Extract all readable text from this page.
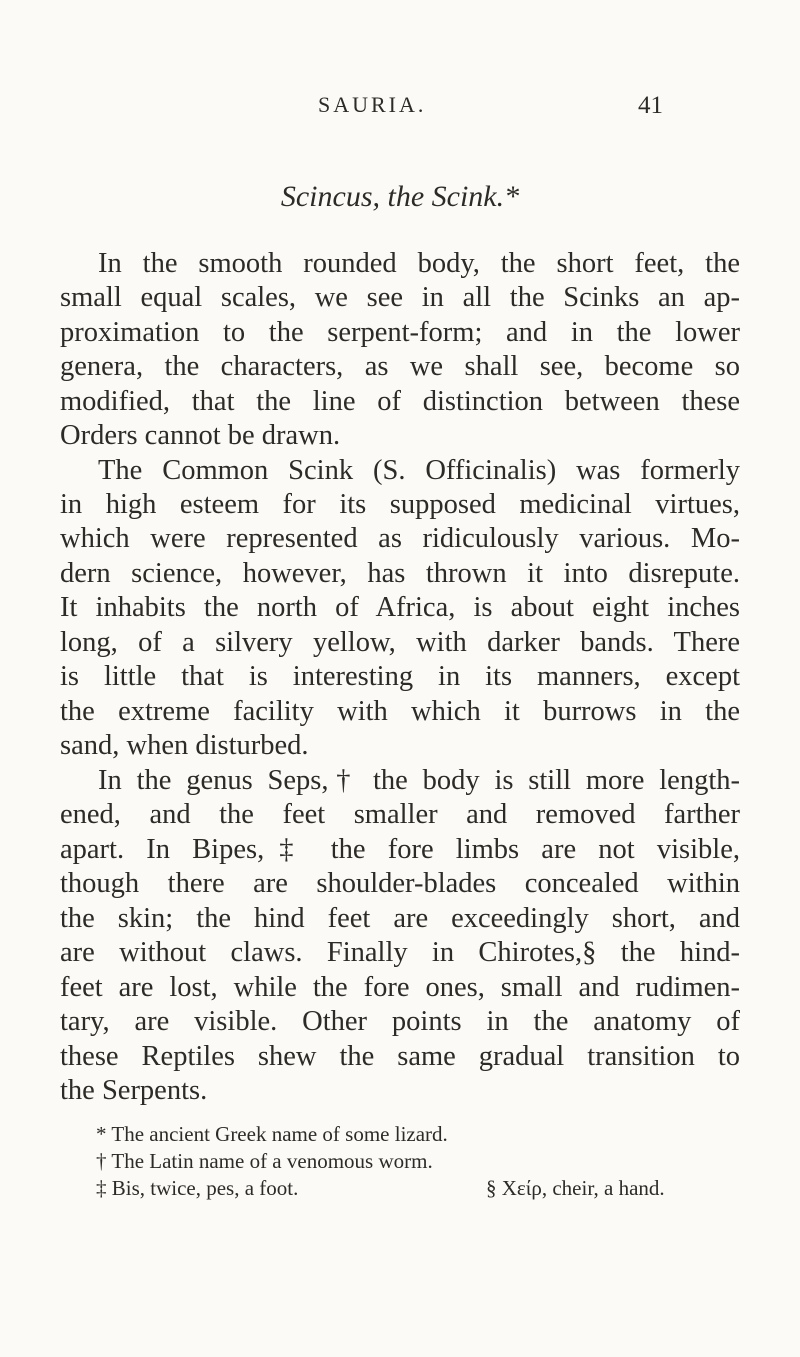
SAURIA.	41
Scincus, the Scink.*
In the smooth rounded body, the short feet, the
small equal scales, we see in all the Scinks an ap-
proximation to the serpent-form; and in the lower
genera, the characters, as we shall see, become so
modified, that the line of distinction between these
Orders cannot be drawn.
The Common Scink (S. Officinalis) was formerly
in high esteem for its supposed medicinal virtues,
which were represented as ridiculously various. Mo-
dern science, however, has thrown it into disrepute.
It inhabits the north of Africa, is about eight inches
long, of a silvery yellow, with darker bands. There
is little that is interesting in its manners, except
the extreme facility with which it burrows in the
sand, when disturbed.
In the genus Seps,† the body is still more length-
ened, and the feet smaller and removed farther
apart. In Bipes,‡ the fore limbs are not visible,
though there are shoulder-blades concealed within
the skin; the hind feet are exceedingly short, and
are without claws. Finally in Chirotes,§ the hind-
feet are lost, while the fore ones, small and rudimen-
tary, are visible. Other points in the anatomy of
these Reptiles shew the same gradual transition to
the Serpents.
* The ancient Greek name of some lizard.
† The Latin name of a venomous worm.
‡ Bis, twice, pes, a foot.	§ Χείρ, cheir, a hand.
